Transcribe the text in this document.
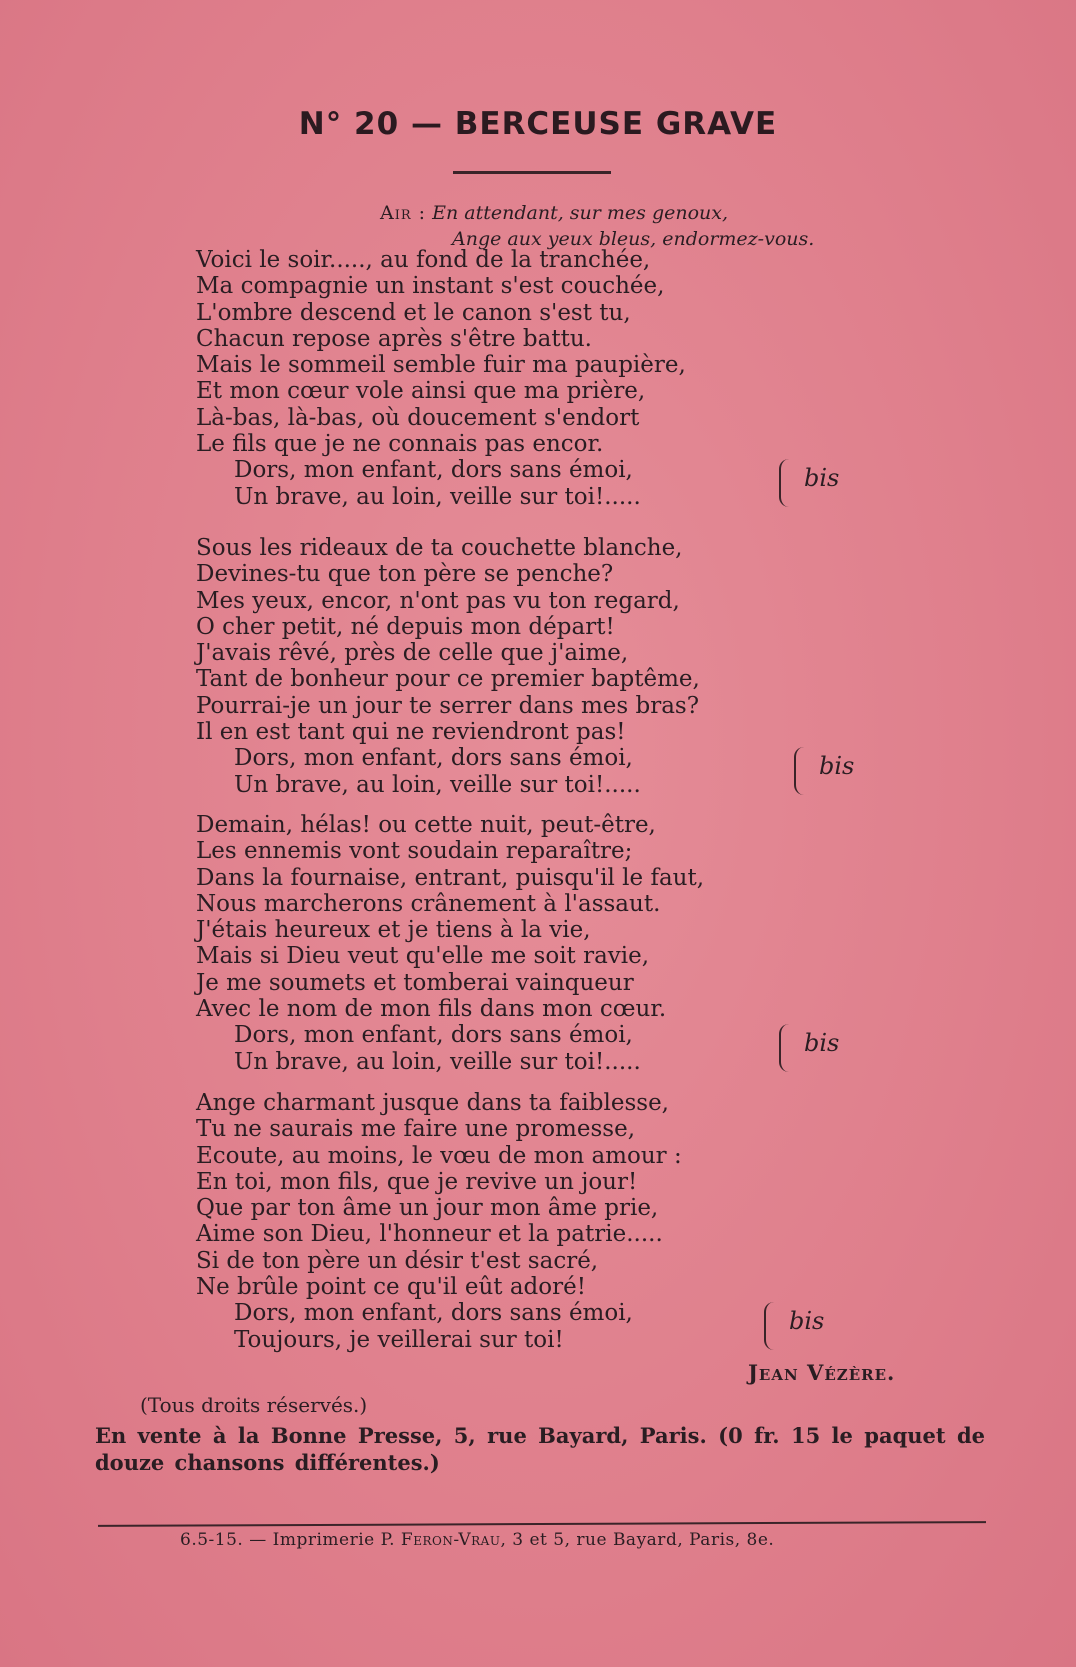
N° 20 — BERCEUSE GRAVE
Air : En attendant, sur mes genoux,
Ange aux yeux bleus, endormez-vous.
Voici le soir....., au fond de la tranchée,
Ma compagnie un instant s'est couchée,
L'ombre descend et le canon s'est tu,
Chacun repose après s'être battu.
Mais le sommeil semble fuir ma paupière,
Et mon cœur vole ainsi que ma prière,
Là-bas, là-bas, où doucement s'endort
Le fils que je ne connais pas encor.
Dors, mon enfant, dors sans émoi,
Un brave, au loin, veille sur toi!.....
bis
Sous les rideaux de ta couchette blanche,
Devines-tu que ton père se penche?
Mes yeux, encor, n'ont pas vu ton regard,
O cher petit, né depuis mon départ!
J'avais rêvé, près de celle que j'aime,
Tant de bonheur pour ce premier baptême,
Pourrai-je un jour te serrer dans mes bras?
Il en est tant qui ne reviendront pas!
Dors, mon enfant, dors sans émoi,
Un brave, au loin, veille sur toi!.....
bis
Demain, hélas! ou cette nuit, peut-être,
Les ennemis vont soudain reparaître;
Dans la fournaise, entrant, puisqu'il le faut,
Nous marcherons crânement à l'assaut.
J'étais heureux et je tiens à la vie,
Mais si Dieu veut qu'elle me soit ravie,
Je me soumets et tomberai vainqueur
Avec le nom de mon fils dans mon cœur.
Dors, mon enfant, dors sans émoi,
Un brave, au loin, veille sur toi!.....
bis
Ange charmant jusque dans ta faiblesse,
Tu ne saurais me faire une promesse,
Ecoute, au moins, le vœu de mon amour :
En toi, mon fils, que je revive un jour!
Que par ton âme un jour mon âme prie,
Aime son Dieu, l'honneur et la patrie.....
Si de ton père un désir t'est sacré,
Ne brûle point ce qu'il eût adoré!
Dors, mon enfant, dors sans émoi,
Toujours, je veillerai sur toi!
bis
Jean Vézère.
(Tous droits réservés.)
En vente à la Bonne Presse, 5, rue Bayard, Paris. (0 fr. 15 le paquet de douze chansons différentes.)
6.5-15. — Imprimerie P. Feron-Vrau, 3 et 5, rue Bayard, Paris, 8e.
